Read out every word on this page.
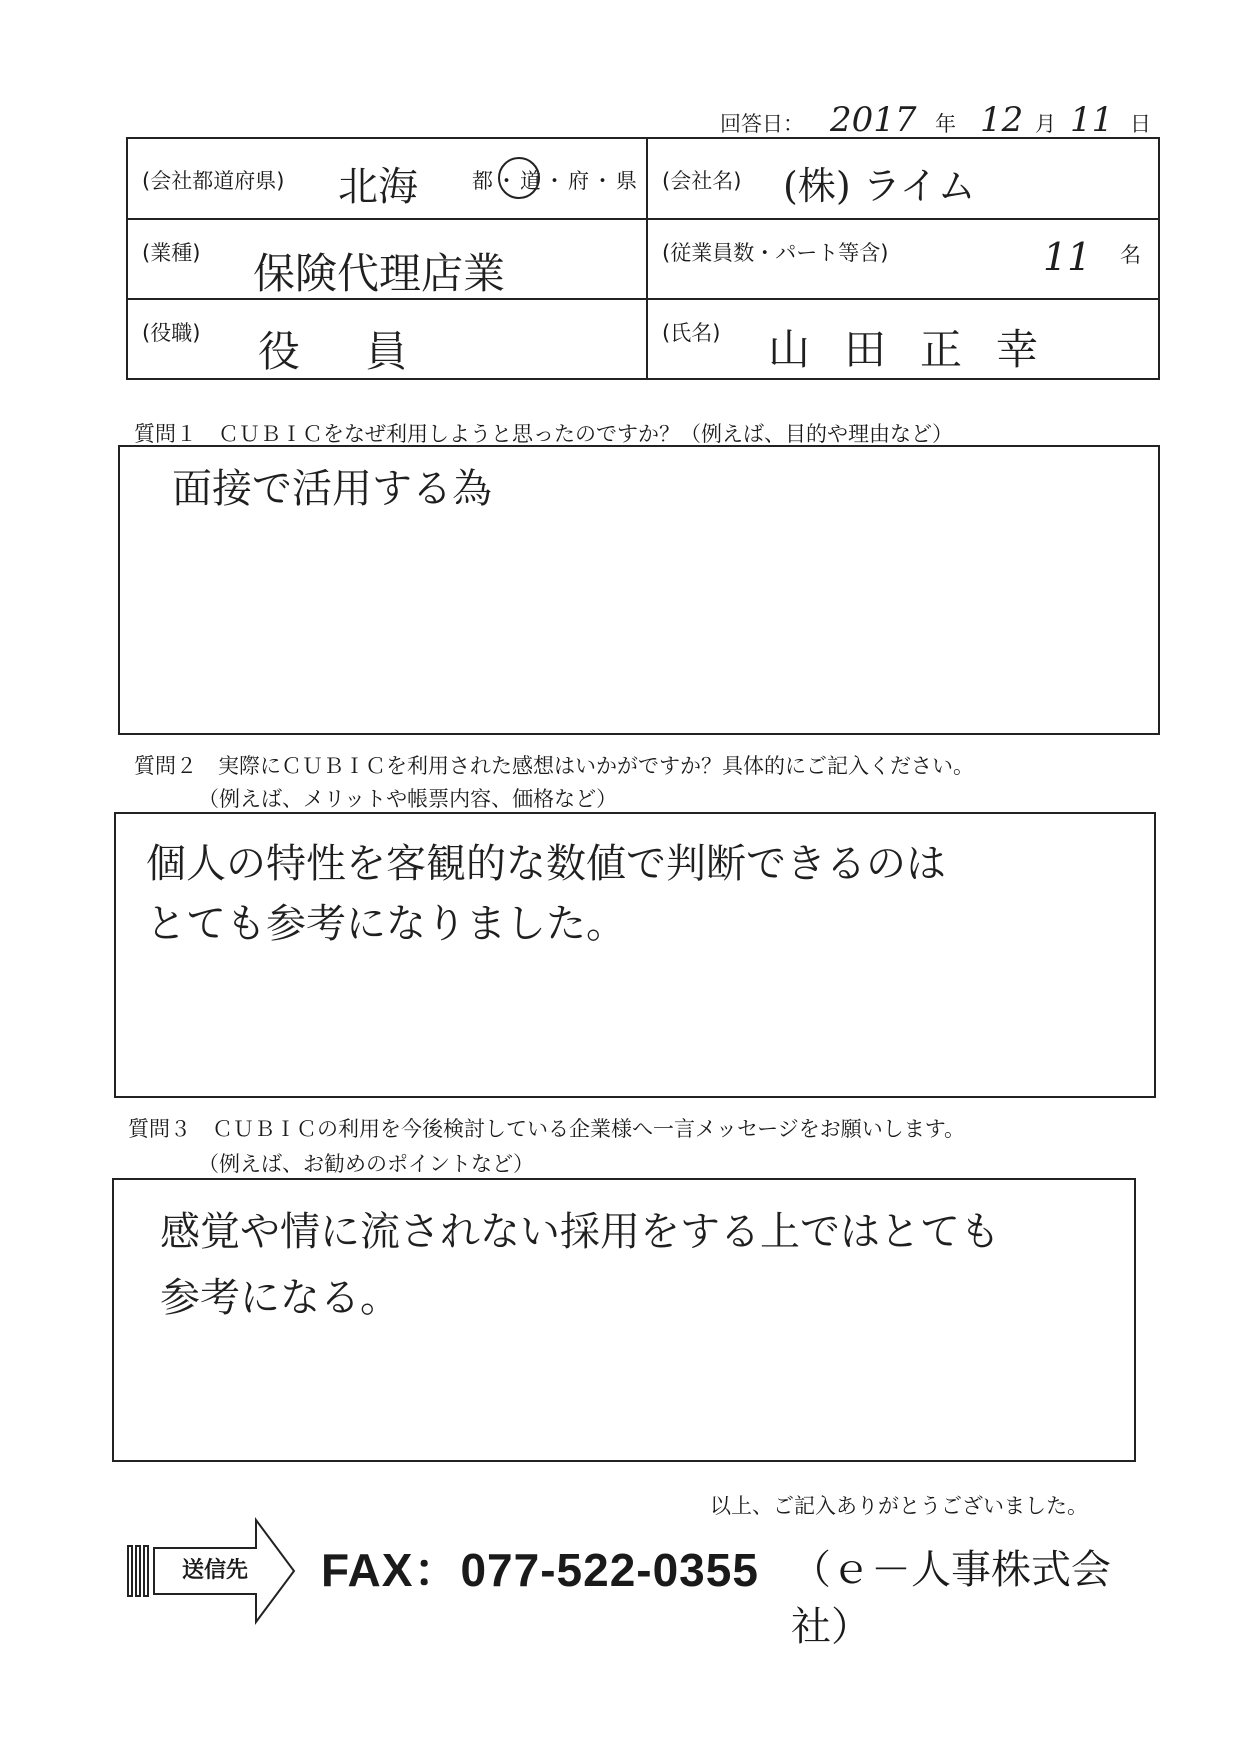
回答日： 2017 年 12 月 11 日
(会社都道府県) 北海	都・道・府・県 (会社名) (株) ライム
(業種) 保険代理店業	(従業員数・パート等含)	11 名
(役職) 役 員	(氏名) 山田正幸
質問１　ＣＵＢＩＣをなぜ利用しようと思ったのですか？（例えば、目的や理由など）
面接で活用する為
質問２　実際にＣＵＢＩＣを利用された感想はいかがですか？具体的にご記入ください。
（例えば、メリットや帳票内容、価格など）
個人の特性を客観的な数値で判断できるのは
とても参考になりました。
質問３　ＣＵＢＩＣの利用を今後検討している企業様へ一言メッセージをお願いします。
（例えば、お勧めのポイントなど）
感覚や情に流されない採用をする上ではとても
参考になる。
以上、ご記入ありがとうございました。
送信先 FAX：077-522-0355 （ｅ－人事株式会社）
